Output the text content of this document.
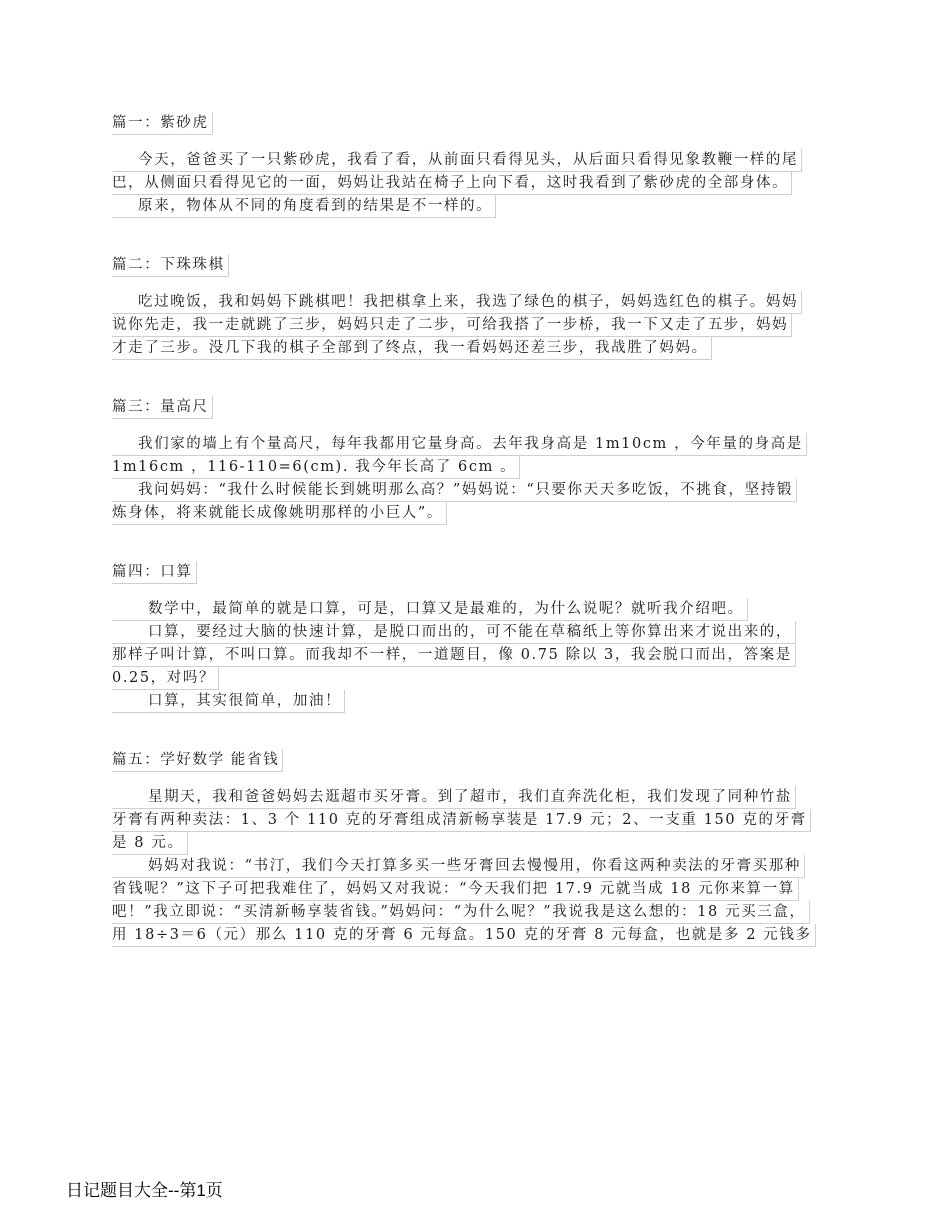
篇一：紫砂虎
今天，爸爸买了一只紫砂虎，我看了看，从前面只看得见头，从后面只看得见象教鞭一样的尾
巴，从侧面只看得见它的一面，妈妈让我站在椅子上向下看，这时我看到了紫砂虎的全部身体。
原来，物体从不同的角度看到的结果是不一样的。
篇二：下珠珠棋
吃过晚饭，我和妈妈下跳棋吧！我把棋拿上来，我选了绿色的棋子，妈妈选红色的棋子。妈妈
说你先走，我一走就跳了三步，妈妈只走了二步，可给我搭了一步桥，我一下又走了五步，妈妈
才走了三步。没几下我的棋子全部到了终点，我一看妈妈还差三步，我战胜了妈妈。
篇三：量高尺
我们家的墙上有个量高尺，每年我都用它量身高。去年我身高是 1m10cm ，今年量的身高是
1m16cm ，116-110=6(cm). 我今年长高了 6cm 。
我问妈妈：“我什么时候能长到姚明那么高？”妈妈说：“只要你天天多吃饭，不挑食，坚持锻
炼身体，将来就能长成像姚明那样的小巨人”。
篇四：口算
数学中，最简单的就是口算，可是，口算又是最难的，为什么说呢？就听我介绍吧。
口算，要经过大脑的快速计算，是脱口而出的，可不能在草稿纸上等你算出来才说出来的，
那样子叫计算，不叫口算。而我却不一样，一道题目，像 0.75 除以 3，我会脱口而出，答案是
0.25，对吗？
口算，其实很简单，加油！
篇五：学好数学 能省钱
星期天，我和爸爸妈妈去逛超市买牙膏。到了超市，我们直奔洗化柜，我们发现了同种竹盐
牙膏有两种卖法：1、3 个 110 克的牙膏组成清新畅享装是 17.9 元；2、一支重 150 克的牙膏
是 8 元。
妈妈对我说：“书汀，我们今天打算多买一些牙膏回去慢慢用，你看这两种卖法的牙膏买那种
省钱呢？”这下子可把我难住了，妈妈又对我说：“今天我们把 17.9 元就当成 18 元你来算一算
吧！”我立即说：“买清新畅享装省钱。”妈妈问：“为什么呢？”我说我是这么想的：18 元买三盒，
用 18÷3＝6（元）那么 110 克的牙膏 6 元每盒。150 克的牙膏 8 元每盒，也就是多 2 元钱多
日记题目大全--第1页
